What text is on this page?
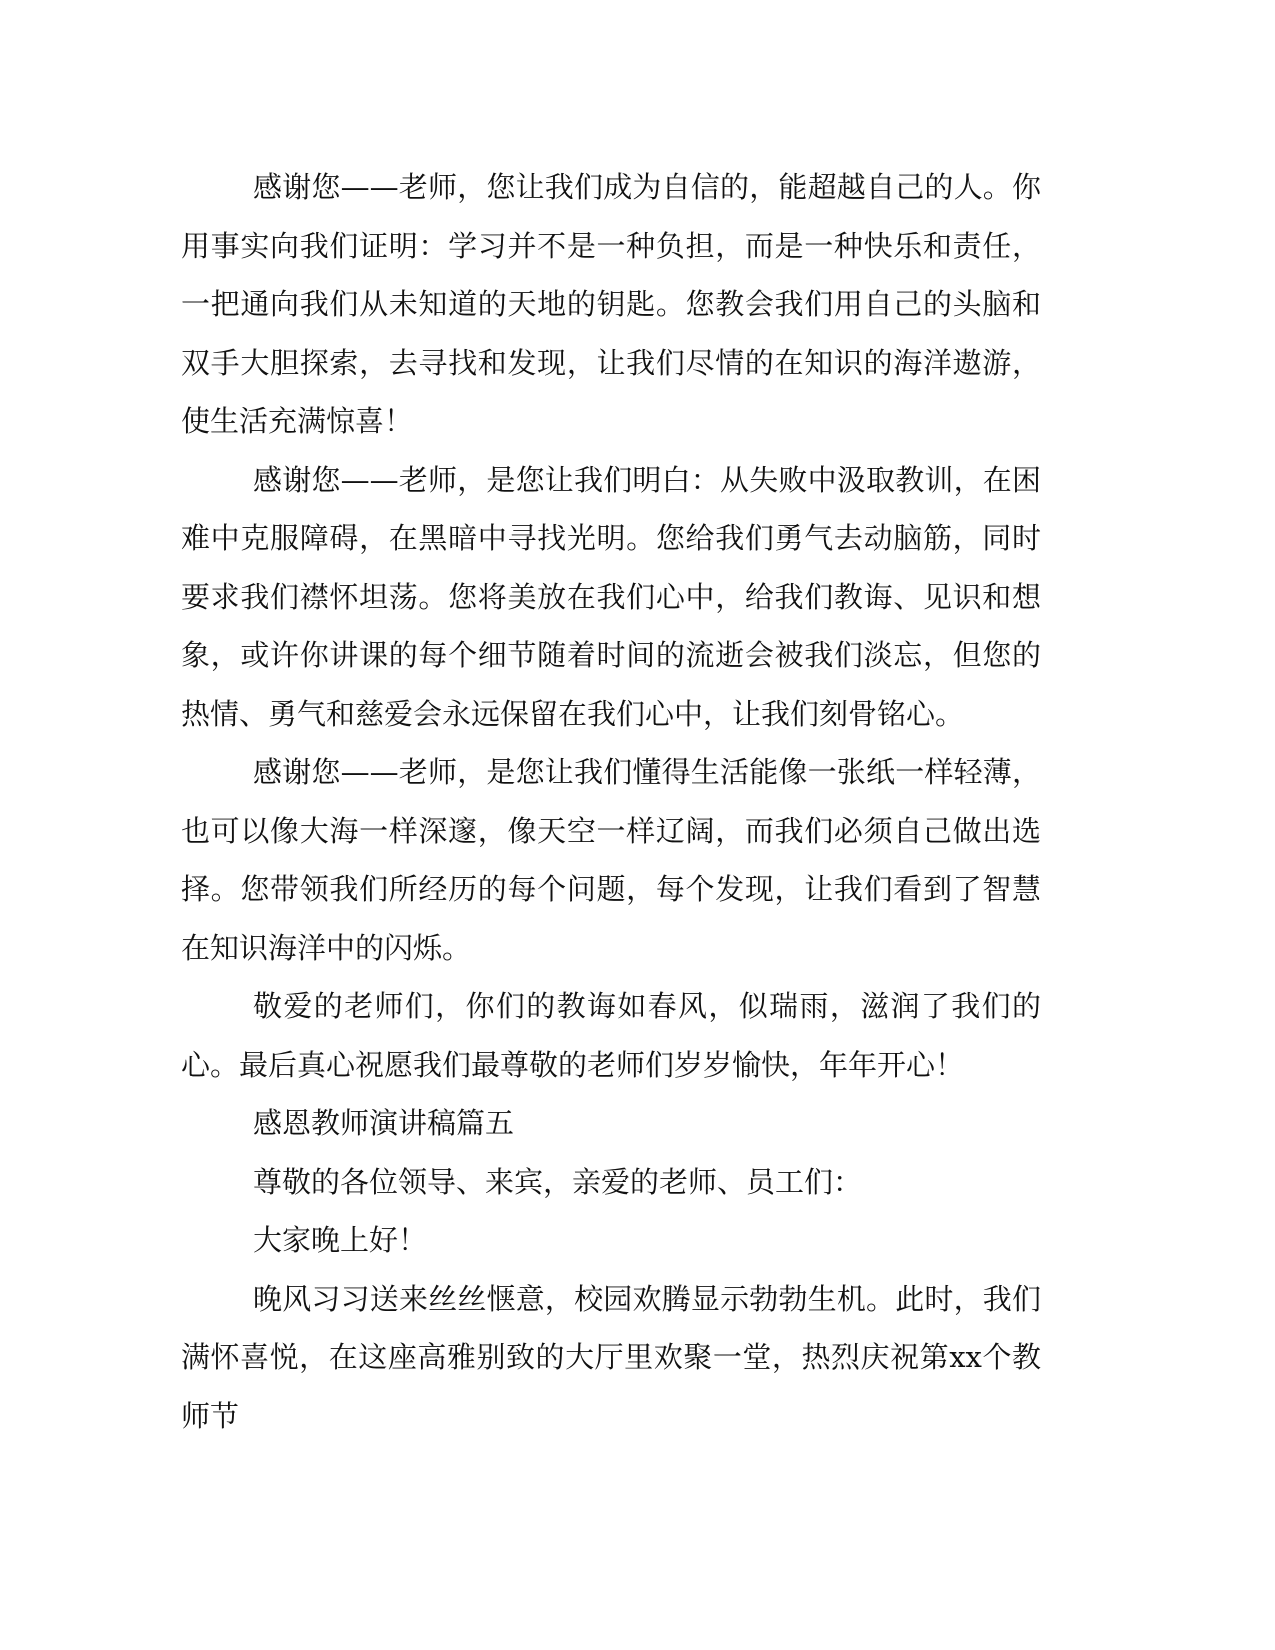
感谢您——老师，您让我们成为自信的，能超越自己的人。你用事实向我们证明：学习并不是一种负担，而是一种快乐和责任，一把通向我们从未知道的天地的钥匙。您教会我们用自己的头脑和双手大胆探索，去寻找和发现，让我们尽情的在知识的海洋遨游，使生活充满惊喜！

感谢您——老师，是您让我们明白：从失败中汲取教训，在困难中克服障碍，在黑暗中寻找光明。您给我们勇气去动脑筋，同时要求我们襟怀坦荡。您将美放在我们心中，给我们教诲、见识和想象，或许你讲课的每个细节随着时间的流逝会被我们淡忘，但您的热情、勇气和慈爱会永远保留在我们心中，让我们刻骨铭心。

感谢您——老师，是您让我们懂得生活能像一张纸一样轻薄，也可以像大海一样深邃，像天空一样辽阔，而我们必须自己做出选择。您带领我们所经历的每个问题，每个发现，让我们看到了智慧在知识海洋中的闪烁。

敬爱的老师们，你们的教诲如春风，似瑞雨，滋润了我们的心。最后真心祝愿我们最尊敬的老师们岁岁愉快，年年开心！

感恩教师演讲稿篇五

尊敬的各位领导、来宾，亲爱的老师、员工们：

大家晚上好！

晚风习习送来丝丝惬意，校园欢腾显示勃勃生机。此时，我们满怀喜悦，在这座高雅别致的大厅里欢聚一堂，热烈庆祝第xx个教师节
